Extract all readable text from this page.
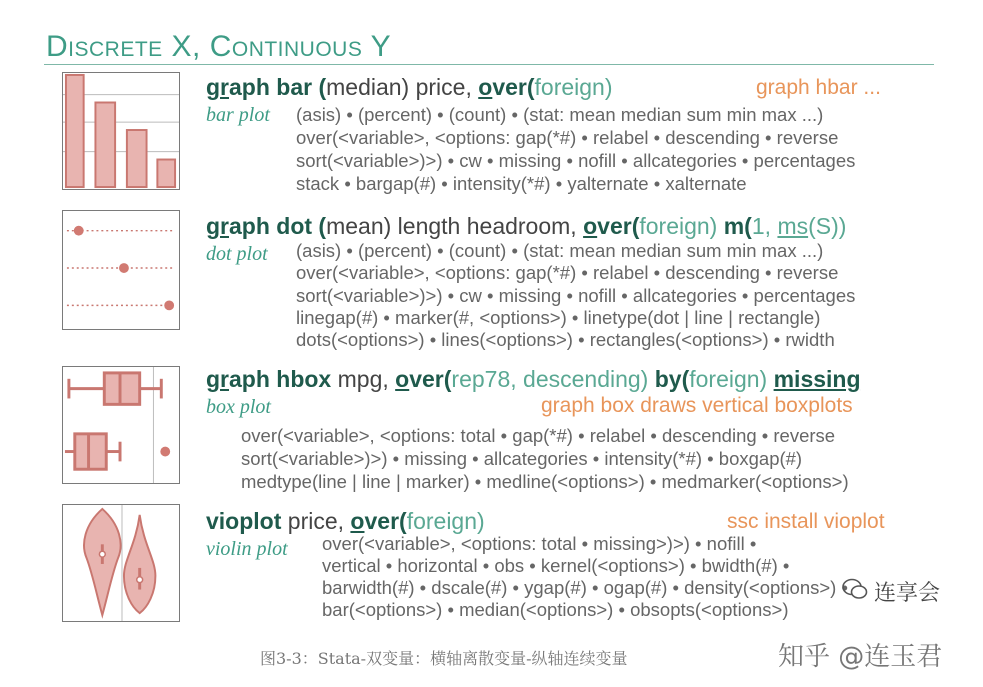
Discrete X, Continuous Y
graph bar (median) price, over(foreign)	graph hbar ...
bar plot (asis) • (percent) • (count) • (stat: mean median sum min max ...)
over(<variable>, <options: gap(*#) • relabel • descending • reverse
sort(<variable>)>) • cw • missing • nofill • allcategories • percentages
stack • bargap(#) • intensity(*#) • yalternate • xalternate
graph dot (mean) length headroom, over(foreign) m(1, ms(S))
dot plot (asis) • (percent) • (count) • (stat: mean median sum min max ...)
over(<variable>, <options: gap(*#) • relabel • descending • reverse
sort(<variable>)>) • cw • missing • nofill • allcategories • percentages
linegap(#) • marker(#, <options>) • linetype(dot | line | rectangle)
dots(<options>) • lines(<options>) • rectangles(<options>) • rwidth
graph hbox mpg, over(rep78, descending) by(foreign) missing
box plot	graph box draws vertical boxplots
over(<variable>, <options: total • gap(*#) • relabel • descending • reverse
sort(<variable>)>) • missing • allcategories • intensity(*#) • boxgap(#)
medtype(line | line | marker) • medline(<options>) • medmarker(<options>)
vioplot price, over(foreign)	ssc install vioplot
violin plot over(<variable>, <options: total • missing>)>) • nofill •
vertical • horizontal • obs • kernel(<options>) • bwidth(#) •
barwidth(#) • dscale(#) • ygap(#) • ogap(#) • density(<options>) •
bar(<options>) • median(<options>) • obsopts(<options>)
连享会
图3-3：Stata-双变量：横轴离散变量-纵轴连续变量	知乎 @连玉君
